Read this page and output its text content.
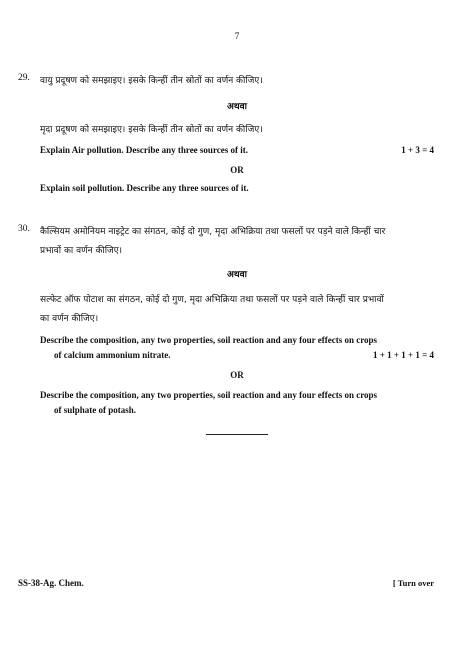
7
29. वायु प्रदूषण को समझाइए। इसके किन्हीं तीन स्रोतों का वर्णन कीजिए।
अथवा
मृदा प्रदूषण को समझाइए। इसके किन्हीं तीन स्रोतों का वर्णन कीजिए।
Explain Air pollution. Describe any three sources of it.	1 + 3 = 4
OR
Explain soil pollution. Describe any three sources of it.
30. कैल्सियम अमोनियम नाइट्रेट का संगठन, कोई दो गुण, मृदा अभिक्रिया तथा फसलों पर पड़ने वाले किन्हीं चार
प्रभावों का वर्णन कीजिए।
अथवा
सल्फेट ऑफ पोटाश का संगठन, कोई दो गुण, मृदा अभिक्रिया तथा फसलों पर पड़ने वाले किन्हीं चार प्रभावों
का वर्णन कीजिए।
Describe the composition, any two properties, soil reaction and any four effects on crops
of calcium ammonium nitrate.	1 + 1 + 1 + 1 = 4
OR
Describe the composition, any two properties, soil reaction and any four effects on crops
of sulphate of potash.
SS-38-Ag. Chem.	[ Turn over
